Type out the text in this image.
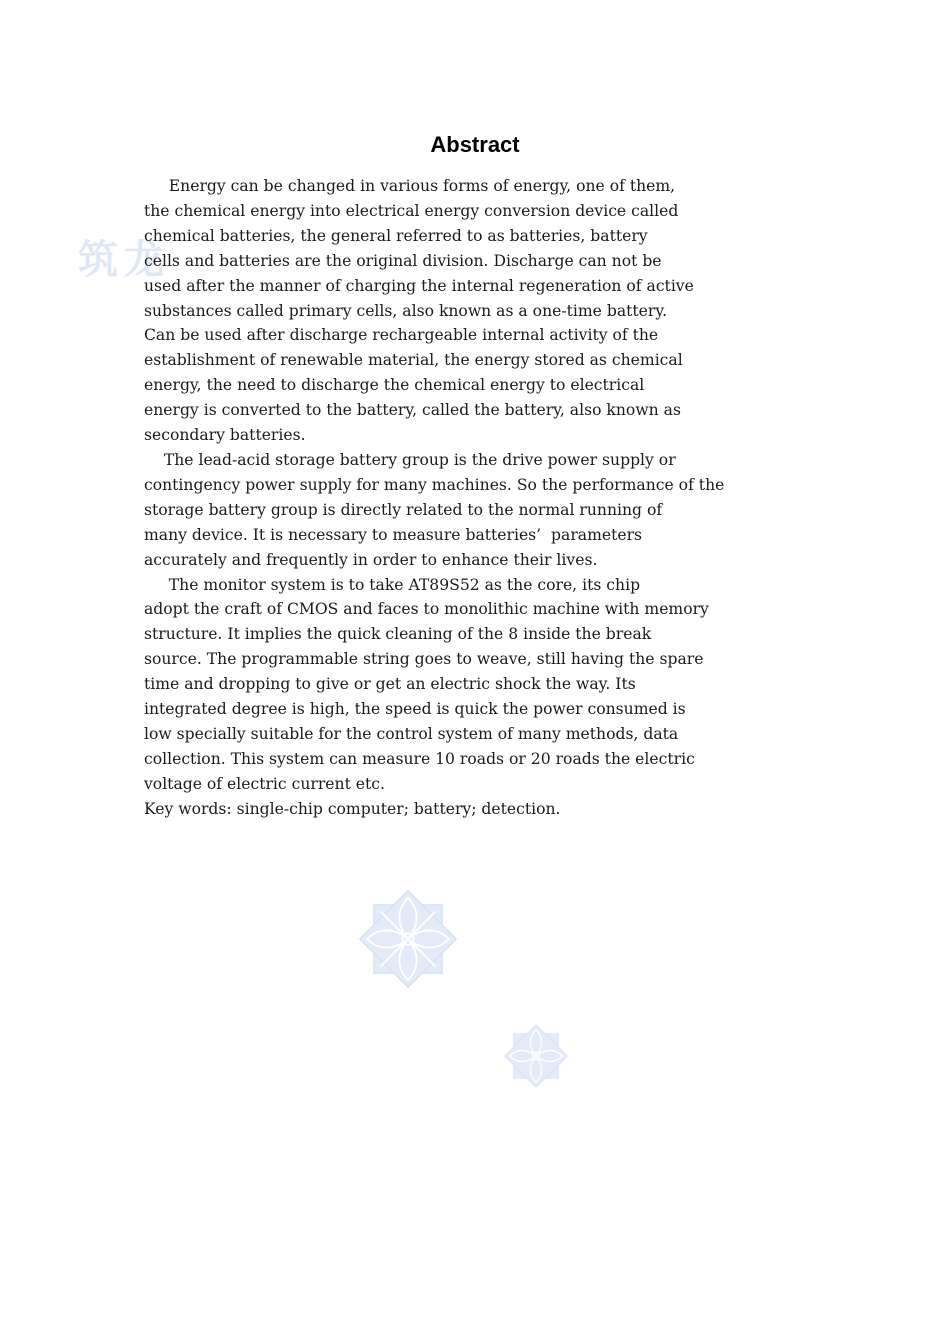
筑龙
Abstract

Energy can be changed in various forms of energy, one of them,

the chemical energy into electrical energy conversion device called

chemical batteries, the general referred to as batteries, battery

cells and batteries are the original division. Discharge can not be

used after the manner of charging the internal regeneration of active

substances called primary cells, also known as a one-time battery.

Can be used after discharge rechargeable internal activity of the

establishment of renewable material, the energy stored as chemical

energy, the need to discharge the chemical energy to electrical

energy is converted to the battery, called the battery, also known as

secondary batteries.

The lead-acid storage battery group is the drive power supply or

contingency power supply for many machines. So the performance of the

storage battery group is directly related to the normal running of

many device. It is necessary to measure batteries’  parameters

accurately and frequently in order to enhance their lives.

The monitor system is to take AT89S52 as the core, its chip

adopt the craft of CMOS and faces to monolithic machine with memory

structure. It implies the quick cleaning of the 8 inside the break

source. The programmable string goes to weave, still having the spare

time and dropping to give or get an electric shock the way. Its

integrated degree is high, the speed is quick the power consumed is

low specially suitable for the control system of many methods, data

collection. This system can measure 10 roads or 20 roads the electric

voltage of electric current etc.

Key words: single-chip computer; battery; detection.
